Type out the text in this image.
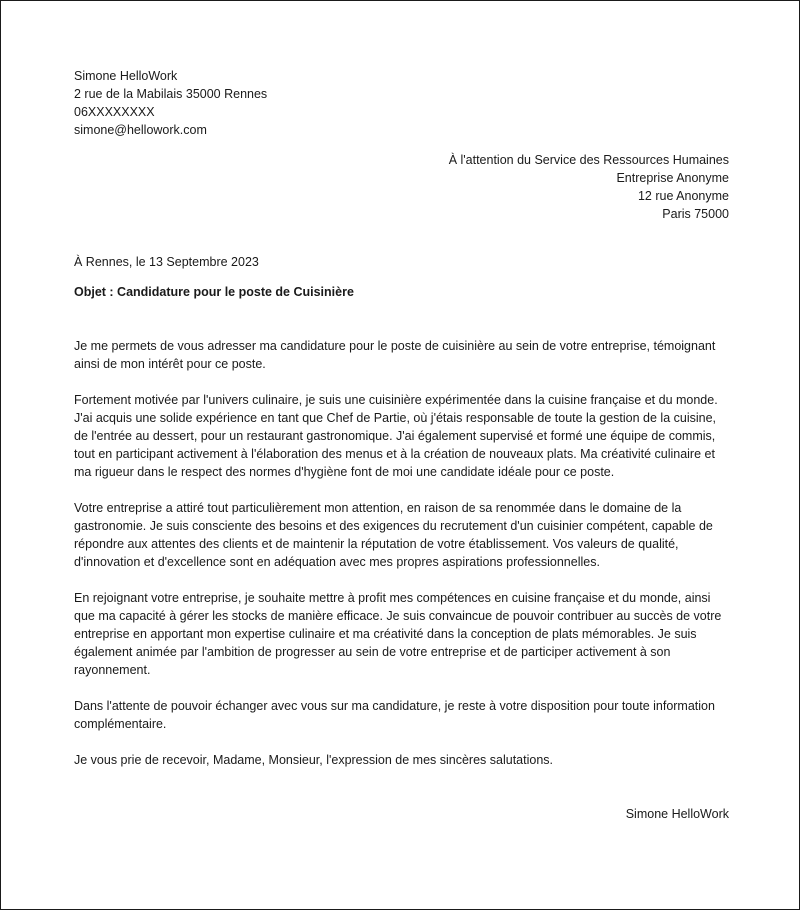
Simone HelloWork
2 rue de la Mabilais 35000 Rennes
06XXXXXXXX
simone@hellowork.com
À l'attention du Service des Ressources Humaines
Entreprise Anonyme
12 rue Anonyme
Paris 75000
À Rennes, le 13 Septembre 2023
Objet : Candidature pour le poste de Cuisinière

Je me permets de vous adresser ma candidature pour le poste de cuisinière au sein de votre entreprise, témoignant ainsi de mon intérêt pour ce poste.

Fortement motivée par l'univers culinaire, je suis une cuisinière expérimentée dans la cuisine française et du monde. J'ai acquis une solide expérience en tant que Chef de Partie, où j'étais responsable de toute la gestion de la cuisine, de l'entrée au dessert, pour un restaurant gastronomique. J'ai également supervisé et formé une équipe de commis, tout en participant activement à l'élaboration des menus et à la création de nouveaux plats. Ma créativité culinaire et ma rigueur dans le respect des normes d'hygiène font de moi une candidate idéale pour ce poste.

Votre entreprise a attiré tout particulièrement mon attention, en raison de sa renommée dans le domaine de la gastronomie. Je suis consciente des besoins et des exigences du recrutement d'un cuisinier compétent, capable de répondre aux attentes des clients et de maintenir la réputation de votre établissement. Vos valeurs de qualité, d'innovation et d'excellence sont en adéquation avec mes propres aspirations professionnelles.

En rejoignant votre entreprise, je souhaite mettre à profit mes compétences en cuisine française et du monde, ainsi que ma capacité à gérer les stocks de manière efficace. Je suis convaincue de pouvoir contribuer au succès de votre entreprise en apportant mon expertise culinaire et ma créativité dans la conception de plats mémorables. Je suis également animée par l'ambition de progresser au sein de votre entreprise et de participer activement à son rayonnement.

Dans l'attente de pouvoir échanger avec vous sur ma candidature, je reste à votre disposition pour toute information complémentaire.

Je vous prie de recevoir, Madame, Monsieur, l'expression de mes sincères salutations.

Simone HelloWork
